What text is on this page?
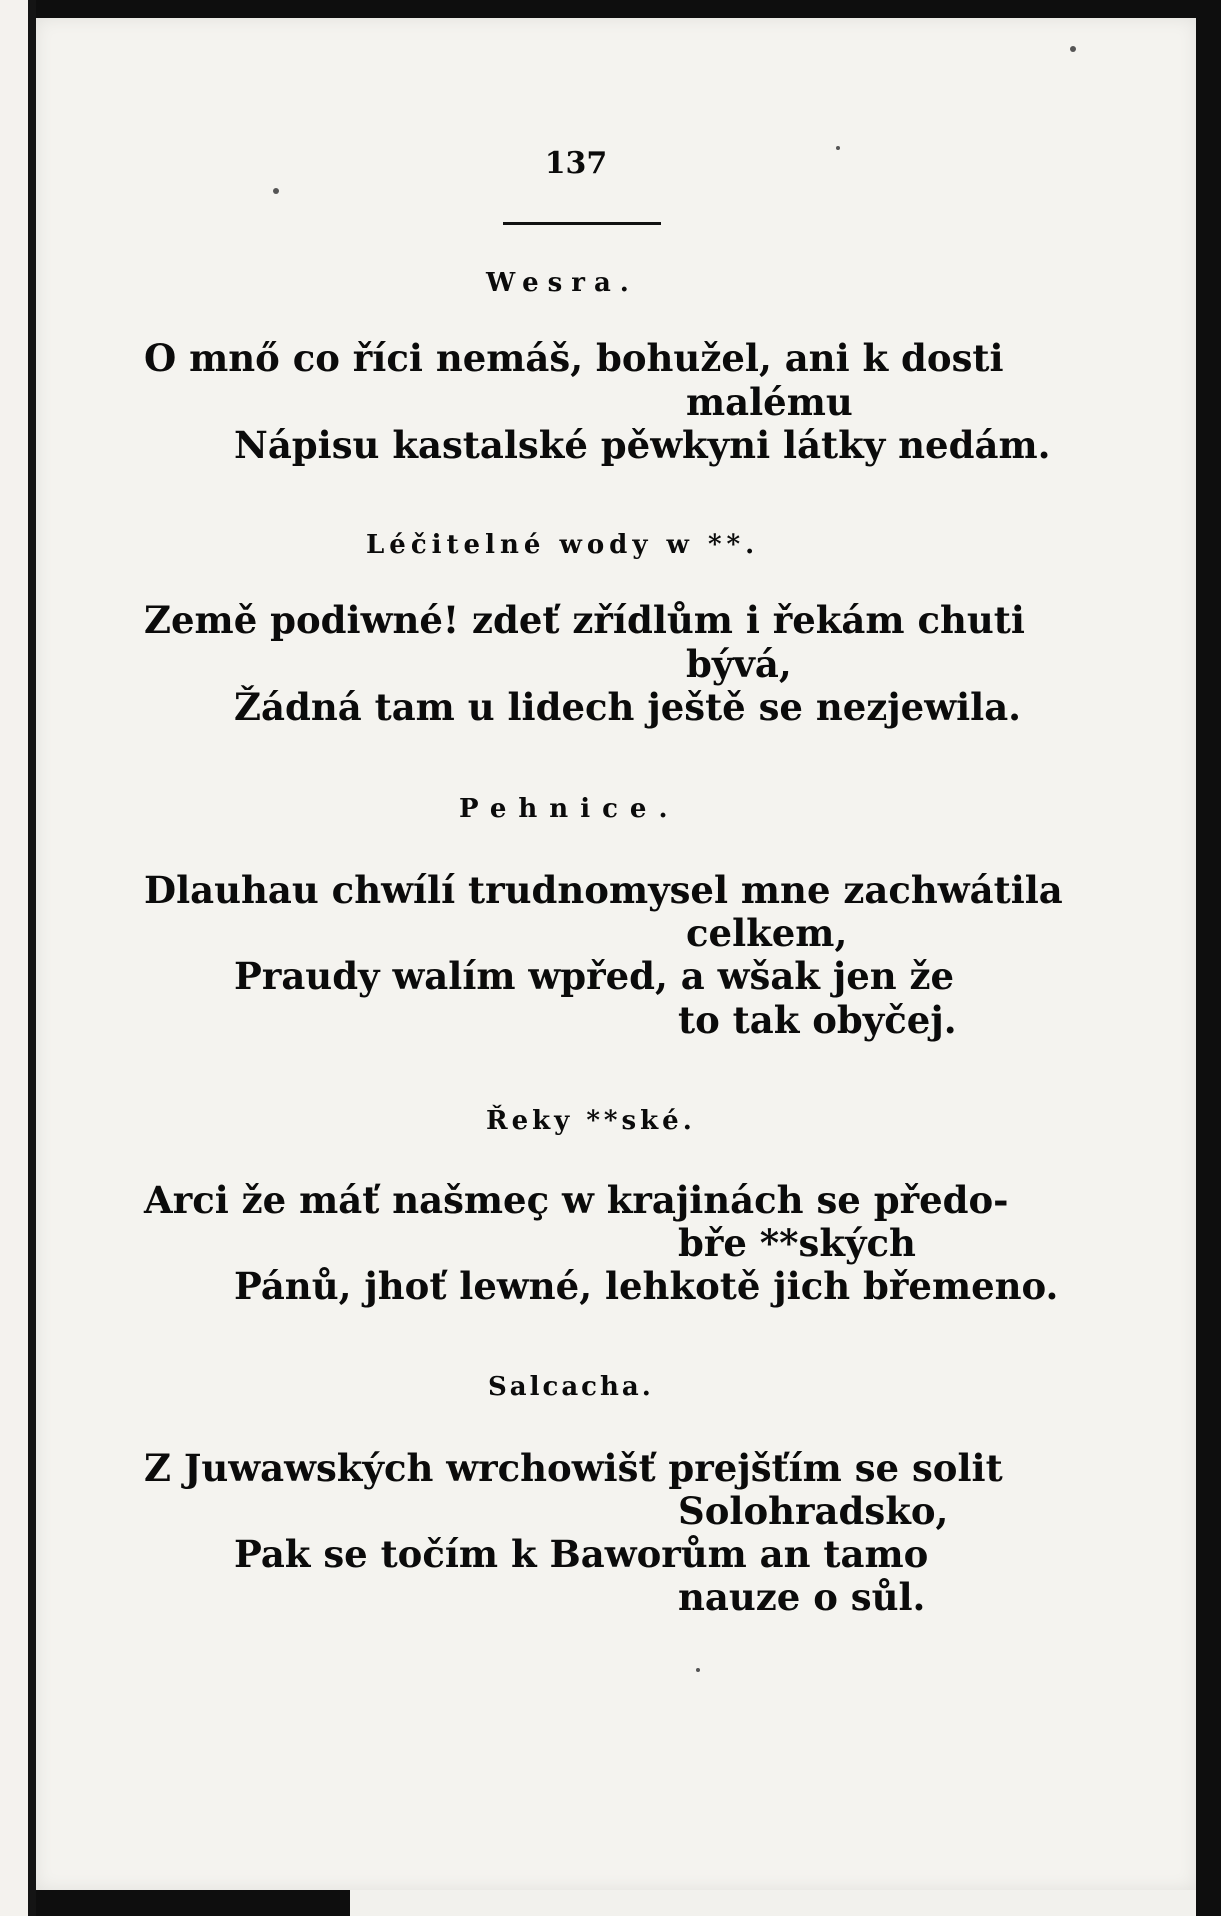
137
Wesra.
O mnő co říci nemáš, bohužel, ani k dosti
malému
Nápisu kastalské pěwkyni látky nedám.
Léčitelné wody w **.
Země podiwné! zdeť zřídlům i řekám chuti
bývá,
Žádná tam u lidech ještě se nezjewila.
Pehnice.
Dlauhau chwílí trudnomysel mne zachwátila
celkem,
Praudy walím wpřed, a wšak jen že
to tak obyčej.
Řeky **ské.
Arci že máť našmeç w krajinách se předo-
bře **ských
Pánů, jhoť lewné, lehkotě jich břemeno.
Salcacha.
Z Juwawských wrchowišť prejšťím se solit
Solohradsko,
Pak se točím k Baworům an tamo
nauze o sůl.
